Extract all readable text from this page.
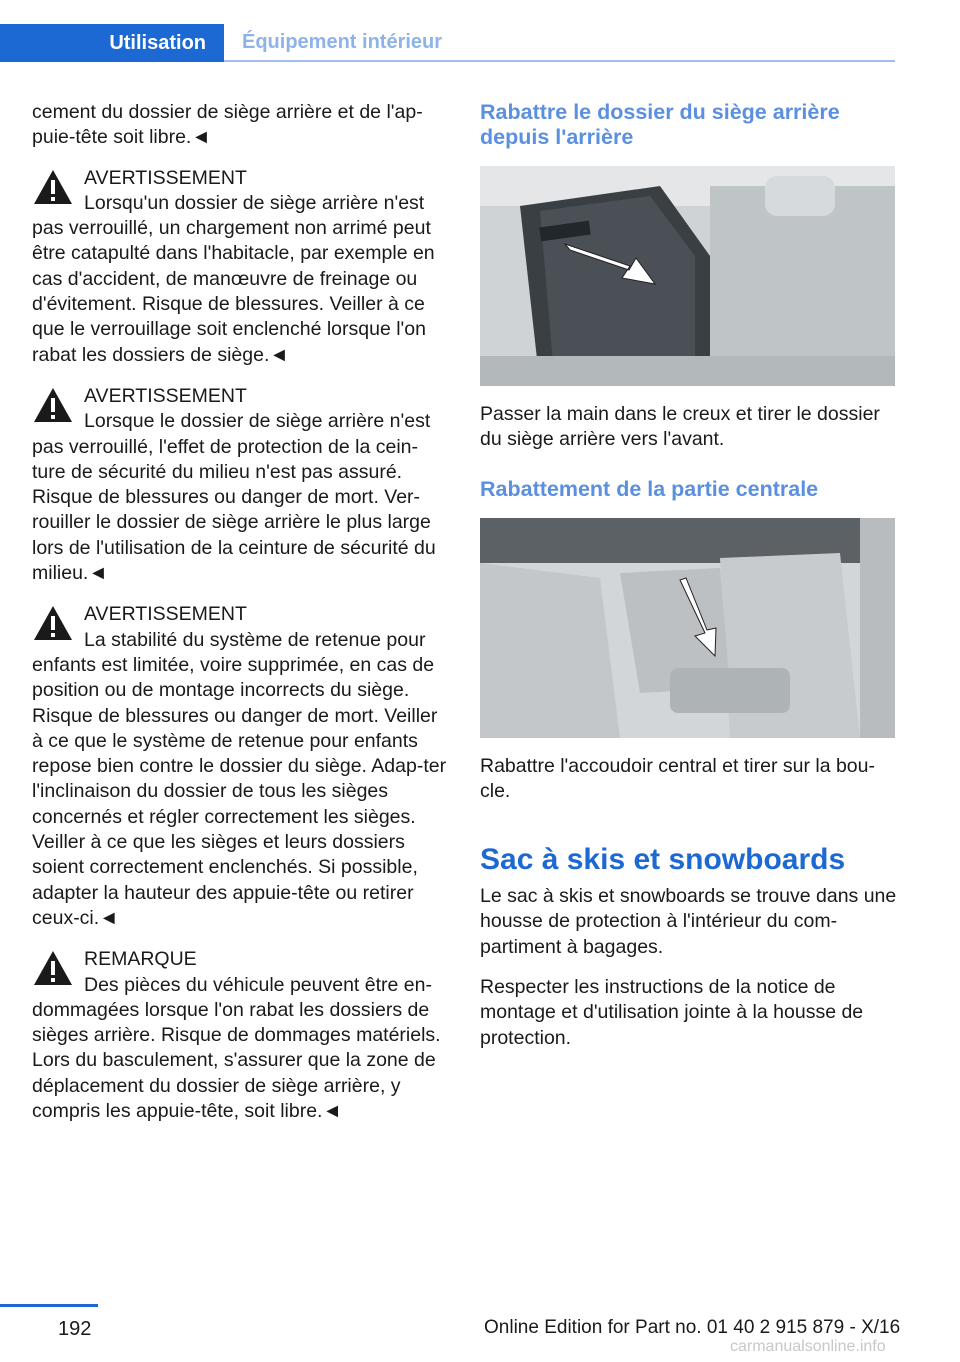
Utilisation	Équipement intérieur

cement du dossier de siège arrière et de l'ap-puie-tête soit libre.◄

AVERTISSEMENT
Lorsqu'un dossier de siège arrière n'est
pas verrouillé, un chargement non arrimé peut être catapulté dans l'habitacle, par exemple en cas d'accident, de manœuvre de freinage ou d'évitement. Risque de blessures. Veiller à ce que le verrouillage soit enclenché lorsque l'on rabat les dossiers de siège.◄
AVERTISSEMENT
Lorsque le dossier de siège arrière n'est
pas verrouillé, l'effet de protection de la cein-ture de sécurité du milieu n'est pas assuré. Risque de blessures ou danger de mort. Ver-rouiller le dossier de siège arrière le plus large lors de l'utilisation de la ceinture de sécurité du milieu.◄
AVERTISSEMENT
La stabilité du système de retenue pour
enfants est limitée, voire supprimée, en cas de position ou de montage incorrects du siège. Risque de blessures ou danger de mort. Veiller à ce que le système de retenue pour enfants repose bien contre le dossier du siège. Adap-ter l'inclinaison du dossier de tous les sièges concernés et régler correctement les sièges. Veiller à ce que les sièges et leurs dossiers soient correctement enclenchés. Si possible, adapter la hauteur des appuie-tête ou retirer ceux-ci.◄
REMARQUE
Des pièces du véhicule peuvent être en-
dommagées lorsque l'on rabat les dossiers de sièges arrière. Risque de dommages matériels. Lors du basculement, s'assurer que la zone de déplacement du dossier de siège arrière, y compris les appuie-tête, soit libre.◄
Rabattre le dossier du siège arrière depuis l'arrière

Passer la main dans le creux et tirer le dossier du siège arrière vers l'avant.

Rabattement de la partie centrale

Rabattre l'accoudoir central et tirer sur la bou-cle.

Sac à skis et snowboards

Le sac à skis et snowboards se trouve dans une housse de protection à l'intérieur du com-partiment à bagages.

Respecter les instructions de la notice de montage et d'utilisation jointe à la housse de protection.

192	Online Edition for Part no. 01 40 2 915 879 - X/16
carmanualsonline.info
